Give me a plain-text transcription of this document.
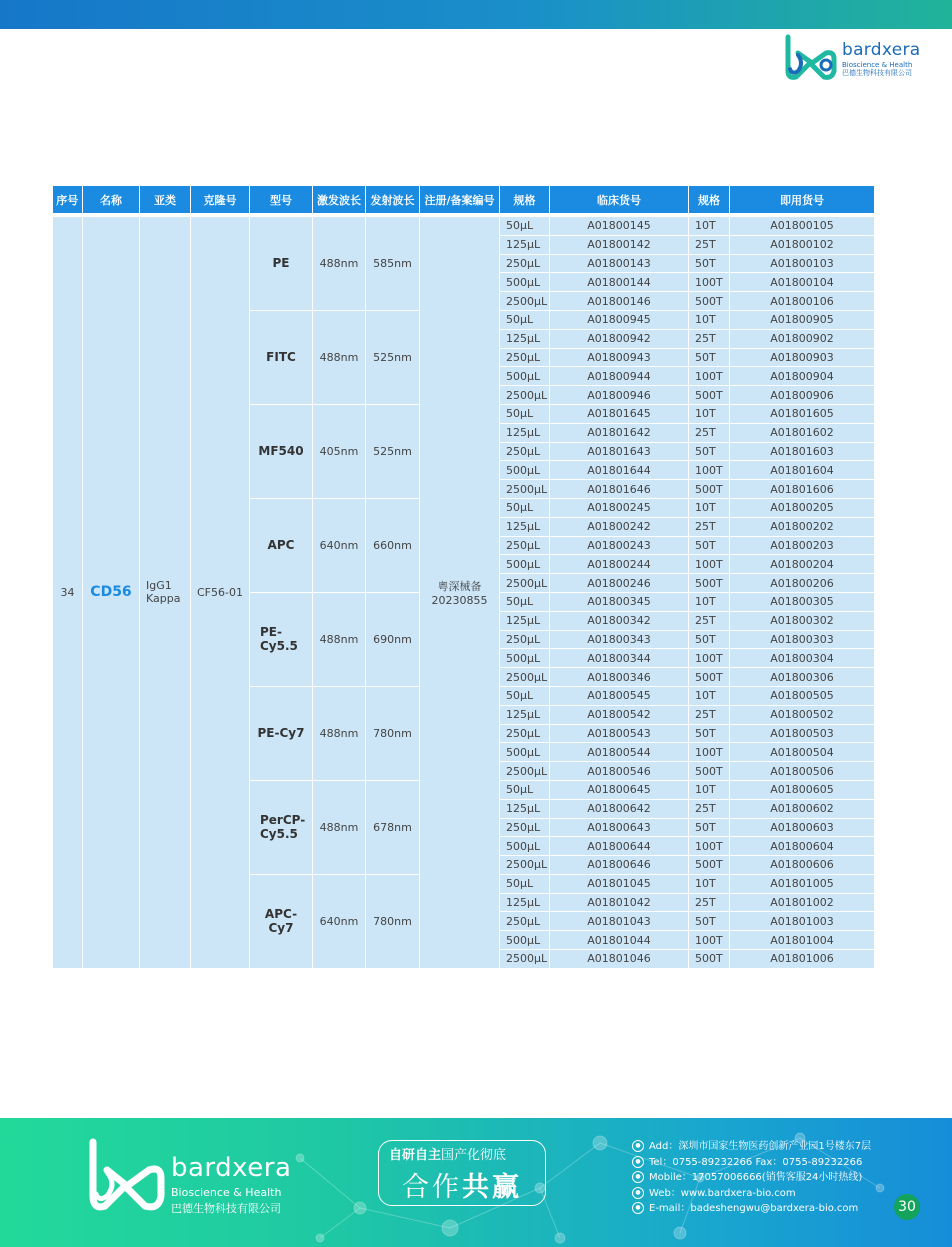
bardxera
Bioscience & Health
巴德生物科技有限公司
序号	名称	亚类	克隆号	型号	激发波长	发射波长	注册/备案编号	规格	临床货号	规格	即用货号

34	CD56	IgG1 Kappa	CF56-01	PE	488nm	585nm	粤深械备 20230855	50μL	A01800145	10T	A01800105
								125μL	A01800142	25T	A01800102
								250μL	A01800143	50T	A01800103
								500μL	A01800144	100T	A01800104
								2500μL	A01800146	500T	A01800106
				FITC	488nm	525nm		50μL	A01800945	10T	A01800905
								125μL	A01800942	25T	A01800902
								250μL	A01800943	50T	A01800903
								500μL	A01800944	100T	A01800904
								2500μL	A01800946	500T	A01800906
				MF540	405nm	525nm		50μL	A01801645	10T	A01801605
								125μL	A01801642	25T	A01801602
								250μL	A01801643	50T	A01801603
								500μL	A01801644	100T	A01801604
								2500μL	A01801646	500T	A01801606
				APC	640nm	660nm		50μL	A01800245	10T	A01800205
								125μL	A01800242	25T	A01800202
								250μL	A01800243	50T	A01800203
								500μL	A01800244	100T	A01800204
								2500μL	A01800246	500T	A01800206
				PE-Cy5.5	488nm	690nm		50μL	A01800345	10T	A01800305
								125μL	A01800342	25T	A01800302
								250μL	A01800343	50T	A01800303
								500μL	A01800344	100T	A01800304
								2500μL	A01800346	500T	A01800306
				PE-Cy7	488nm	780nm		50μL	A01800545	10T	A01800505
								125μL	A01800542	25T	A01800502
								250μL	A01800543	50T	A01800503
								500μL	A01800544	100T	A01800504
								2500μL	A01800546	500T	A01800506
				PerCP-Cy5.5	488nm	678nm		50μL	A01800645	10T	A01800605
								125μL	A01800642	25T	A01800602
								250μL	A01800643	50T	A01800603
								500μL	A01800644	100T	A01800604
								2500μL	A01800646	500T	A01800606
				APC-Cy7	640nm	780nm		50μL	A01801045	10T	A01801005
								125μL	A01801042	25T	A01801002
								250μL	A01801043	50T	A01801003
								500μL	A01801044	100T	A01801004
								2500μL	A01801046	500T	A01801006
bardxera
Bioscience & Health
巴德生物科技有限公司
自研自主国产化彻底
合作共赢
● Add：深圳市国家生物医药创新产业园1号楼东7层
● Tel：0755-89232266 Fax：0755-89232266
● Mobile：17057006666(销售客服24小时热线)
● Web：www.bardxera-bio.com
● E-mail：badeshengwu@bardxera-bio.com	30
